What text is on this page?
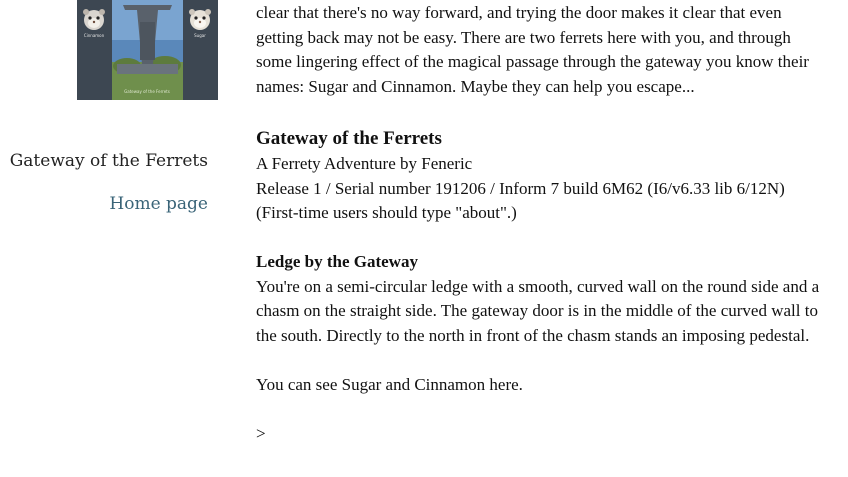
Cinnamon	Sugar
Gateway of the Ferrets
Gateway of the Ferrets
Home page

clear that there's no way forward, and trying the door makes it clear that even

getting back may not be easy. There are two ferrets here with you, and through

some lingering effect of the magical passage through the gateway you know their

names: Sugar and Cinnamon. Maybe they can help you escape...

Gateway of the Ferrets

A Ferrety Adventure by Feneric

Release 1 / Serial number 191206 / Inform 7 build 6M62 (I6/v6.33 lib 6/12N)

(First-time users should type "about".)

Ledge by the Gateway

You're on a semi-circular ledge with a smooth, curved wall on the round side and a

chasm on the straight side. The gateway door is in the middle of the curved wall to

the south. Directly to the north in front of the chasm stands an imposing pedestal.

You can see Sugar and Cinnamon here.

>
